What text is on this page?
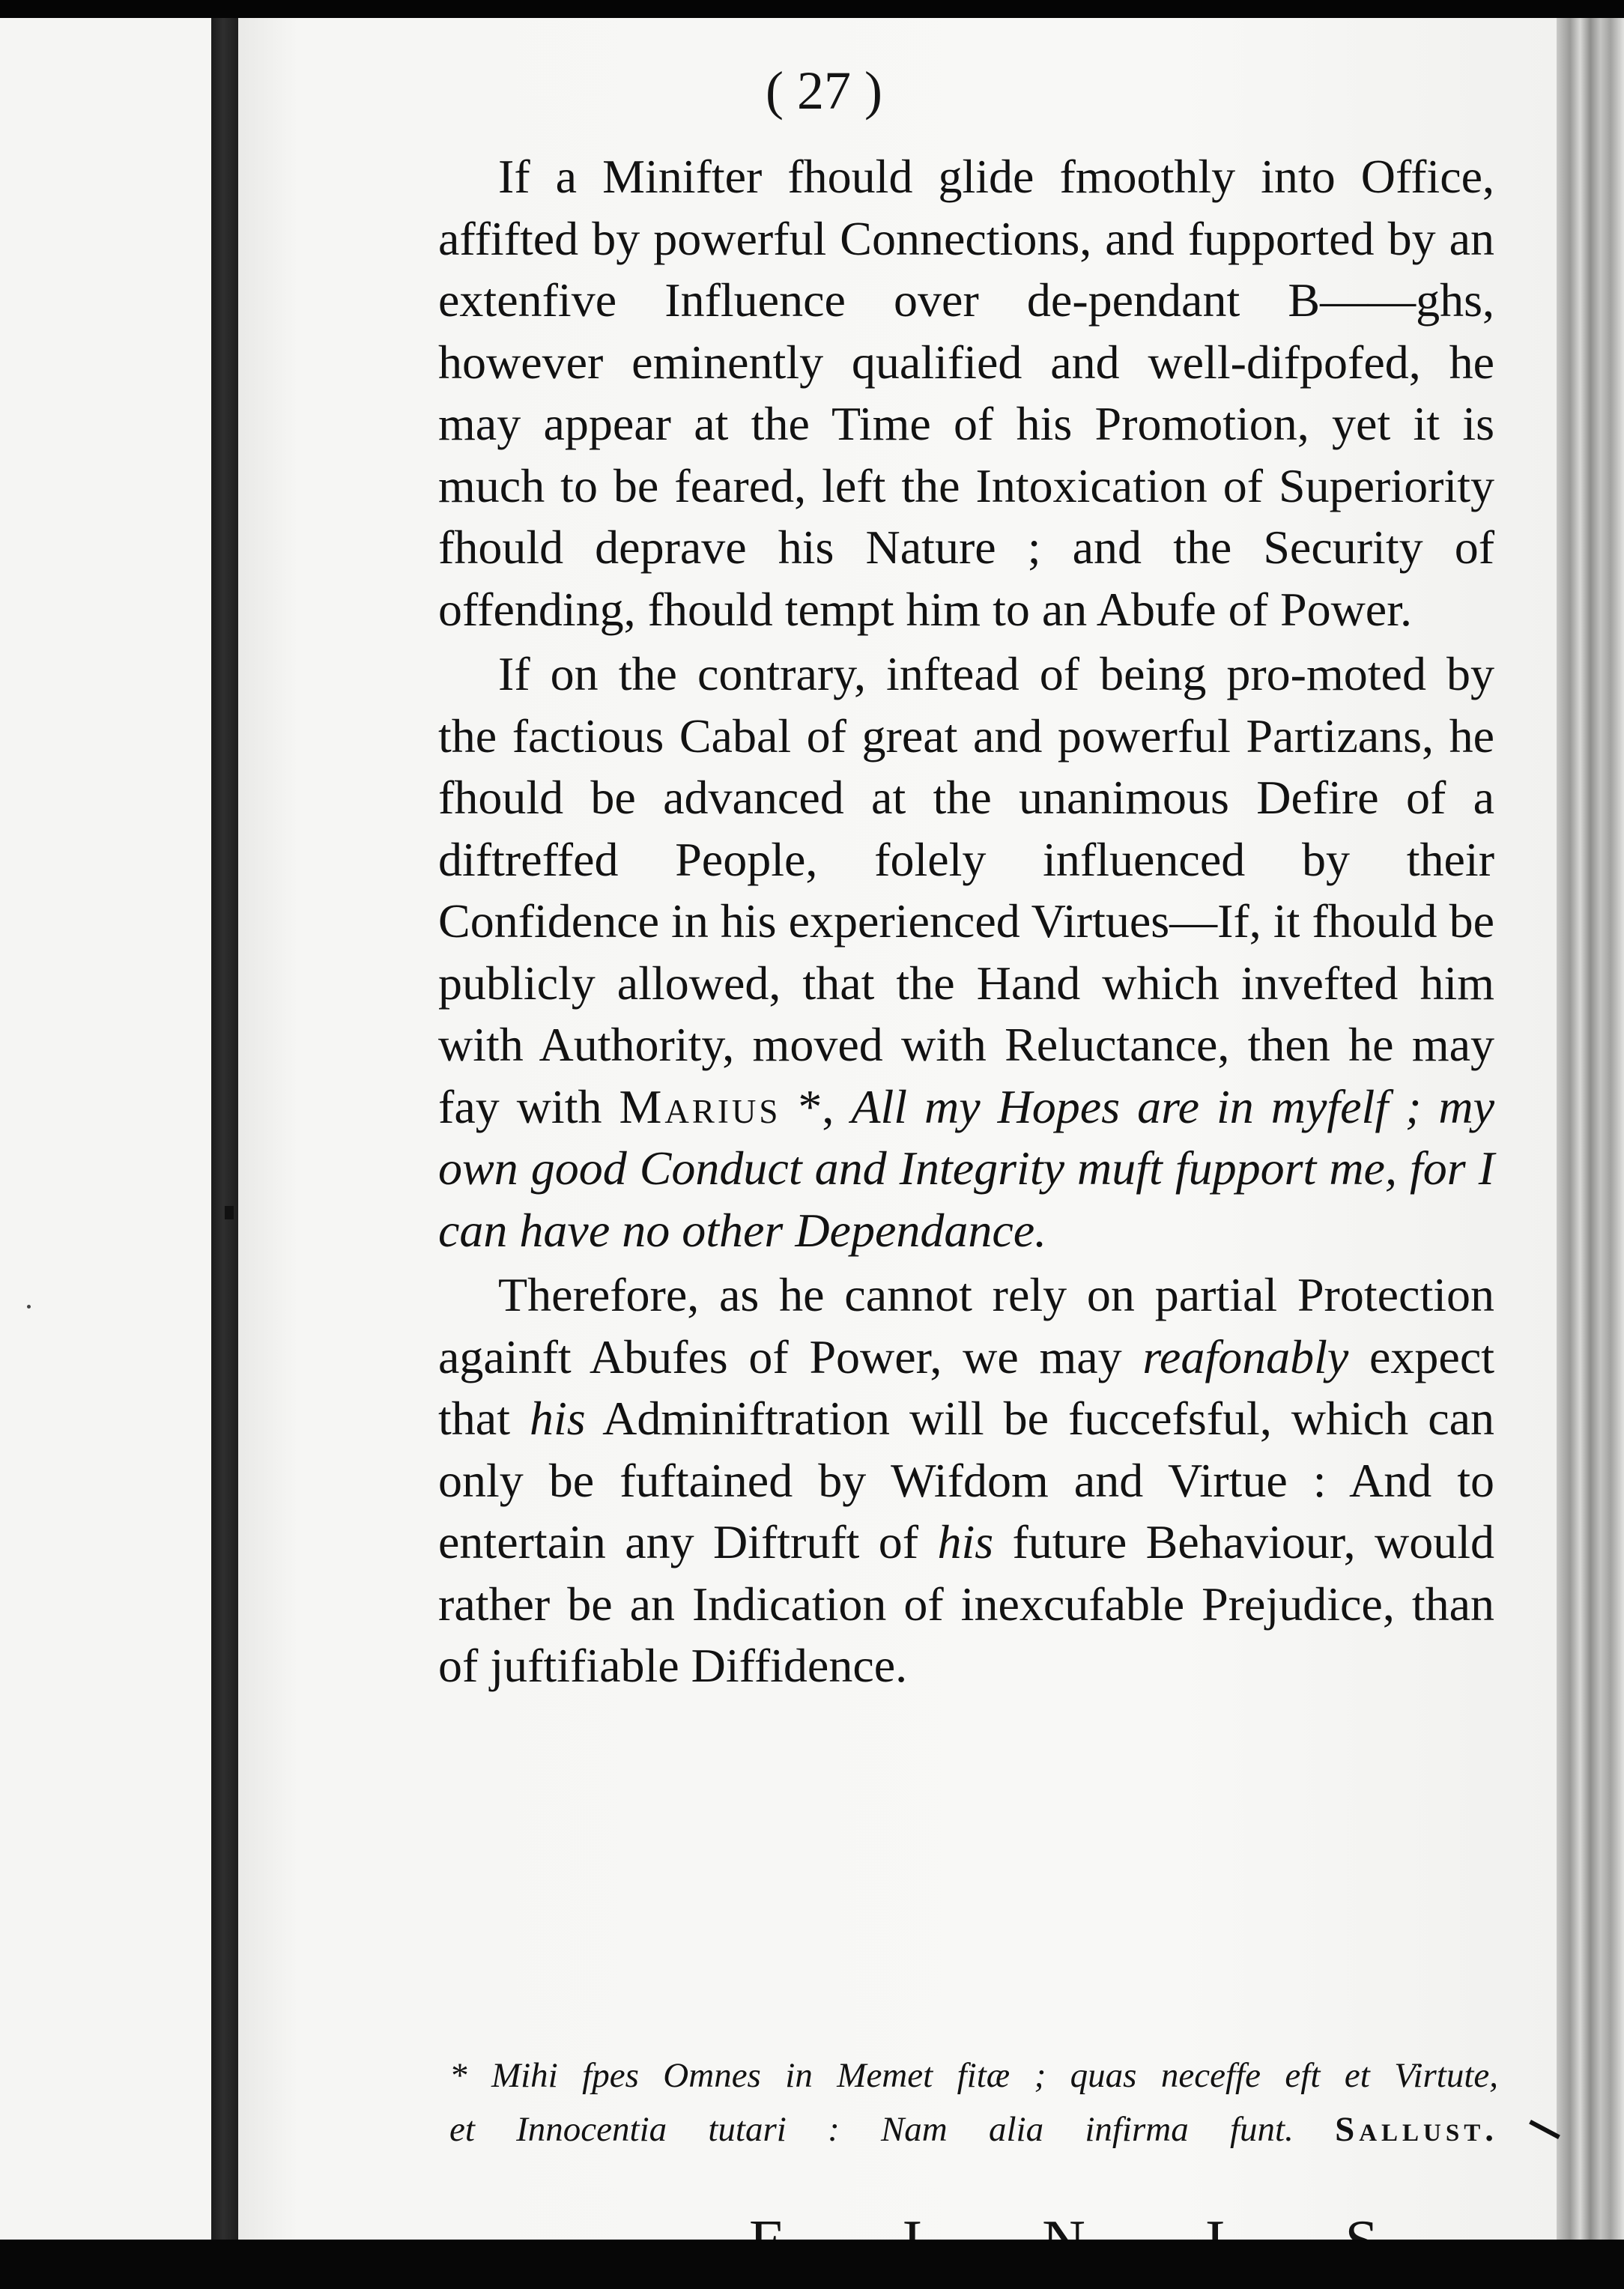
( 27 )

If a Minifter fhould glide fmoothly into Office, affifted by powerful Connections, and fupported by an extenfive Influence over de-pendant B——ghs, however eminently qualified and well-difpofed, he may appear at the Time of his Promotion, yet it is much to be feared, left the Intoxication of Superiority fhould deprave his Nature ; and the Security of offending, fhould tempt him to an Abufe of Power.

If on the contrary, inftead of being pro-moted by the factious Cabal of great and powerful Partizans, he fhould be advanced at the unanimous Defire of a diftreffed People, folely influenced by their Confidence in his experienced Virtues—If, it fhould be publicly allowed, that the Hand which invefted him with Authority, moved with Reluctance, then he may fay with Marius *, All my Hopes are in myfelf ; my own good Conduct and Integrity muft fupport me, for I can have no other Dependance.

Therefore, as he cannot rely on partial Protection againft Abufes of Power, we may reafonably expect that his Adminiftration will be fuccefsful, which can only be fuftained by Wifdom and Virtue : And to entertain any Diftruft of his future Behaviour, would rather be an Indication of inexcufable Prejudice, than of juftifiable Diffidence.

* Mihi fpes Omnes in Memet fitæ ; quas neceffe eft et Virtute,
et Innocentia tutari : Nam alia infirma funt. Sallust.
